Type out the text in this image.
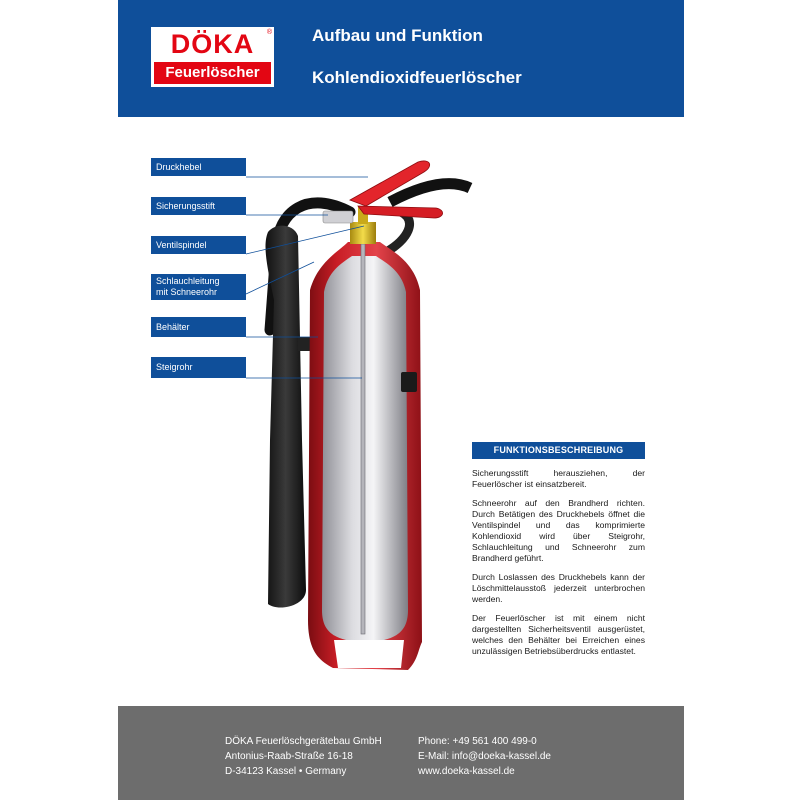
DÖKA	®
Feuerlöscher
Aufbau und Funktion
Kohlendioxidfeuerlöscher
Druckhebel
Sicherungsstift
Ventilspindel
Schlauchleitung
mit Schneerohr
Behälter
Steigrohr
FUNKTIONSBESCHREIBUNG

Sicherungsstift herausziehen, der Feuerlöscher ist einsatzbereit.

Schneerohr auf den Brandherd richten. Durch Betätigen des Druckhebels öffnet die Ventilspindel und das komprimierte Kohlendioxid wird über Steigrohr, Schlauchleitung und Schneerohr zum Brandherd geführt.

Durch Loslassen des Druckhebels kann der Löschmittelausstoß jederzeit unterbrochen werden.

Der Feuerlöscher ist mit einem nicht dargestellten Sicherheitsventil ausgerüstet, welches den Behälter bei Erreichen eines unzulässigen Betriebsüberdrucks entlastet.

DÖKA Feuerlöschgerätebau GmbH
Antonius-Raab-Straße 16-18
D-34123 Kassel • Germany
Phone: +49 561 400 499-0
E-Mail: info@doeka-kassel.de
www.doeka-kassel.de
